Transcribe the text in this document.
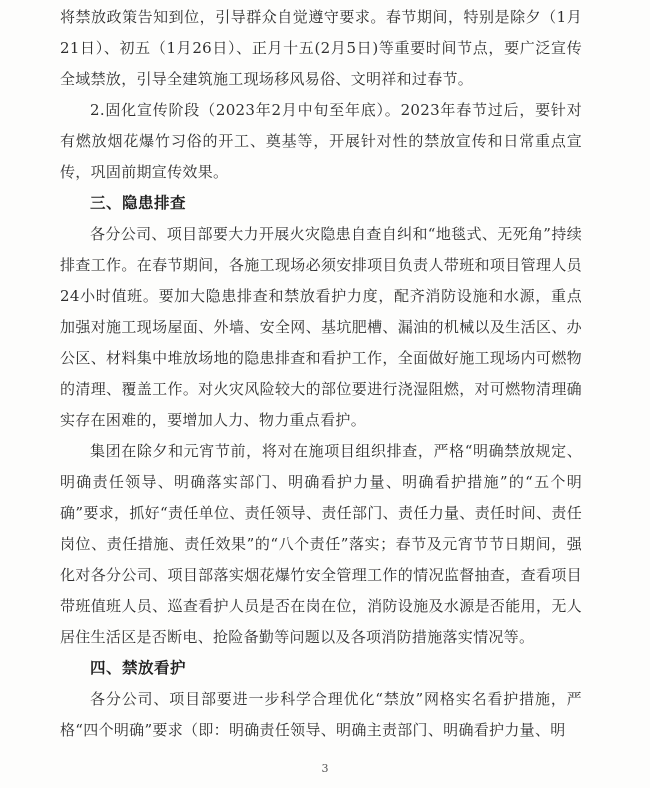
将禁放政策告知到位，引导群众自觉遵守要求。春节期间，特别是除夕（1月21日）、初五（1月26日）、正月十五(2月5日)等重要时间节点，要广泛宣传全域禁放，引导全建筑施工现场移风易俗、文明祥和过春节。

2.固化宣传阶段（2023年2月中旬至年底）。2023年春节过后，要针对有燃放烟花爆竹习俗的开工、奠基等，开展针对性的禁放宣传和日常重点宣传，巩固前期宣传效果。

三、隐患排查

各分公司、项目部要大力开展火灾隐患自查自纠和“地毯式、无死角”持续排查工作。在春节期间，各施工现场必须安排项目负责人带班和项目管理人员24小时值班。要加大隐患排查和禁放看护力度，配齐消防设施和水源，重点加强对施工现场屋面、外墙、安全网、基坑肥槽、漏油的机械以及生活区、办公区、材料集中堆放场地的隐患排查和看护工作，全面做好施工现场内可燃物的清理、覆盖工作。对火灾风险较大的部位要进行浇湿阻燃，对可燃物清理确实存在困难的，要增加人力、物力重点看护。

集团在除夕和元宵节前，将对在施项目组织排查，严格“明确禁放规定、明确责任领导、明确落实部门、明确看护力量、明确看护措施”的“五个明确”要求，抓好“责任单位、责任领导、责任部门、责任力量、责任时间、责任岗位、责任措施、责任效果”的“八个责任”落实；春节及元宵节节日期间，强化对各分公司、项目部落实烟花爆竹安全管理工作的情况监督抽查，查看项目带班值班人员、巡查看护人员是否在岗在位，消防设施及水源是否能用，无人居住生活区是否断电、抢险备勤等问题以及各项消防措施落实情况等。

四、禁放看护

各分公司、项目部要进一步科学合理优化“禁放”网格实名看护措施，严格“四个明确”要求（即：明确责任领导、明确主责部门、明确看护力量、明

3
